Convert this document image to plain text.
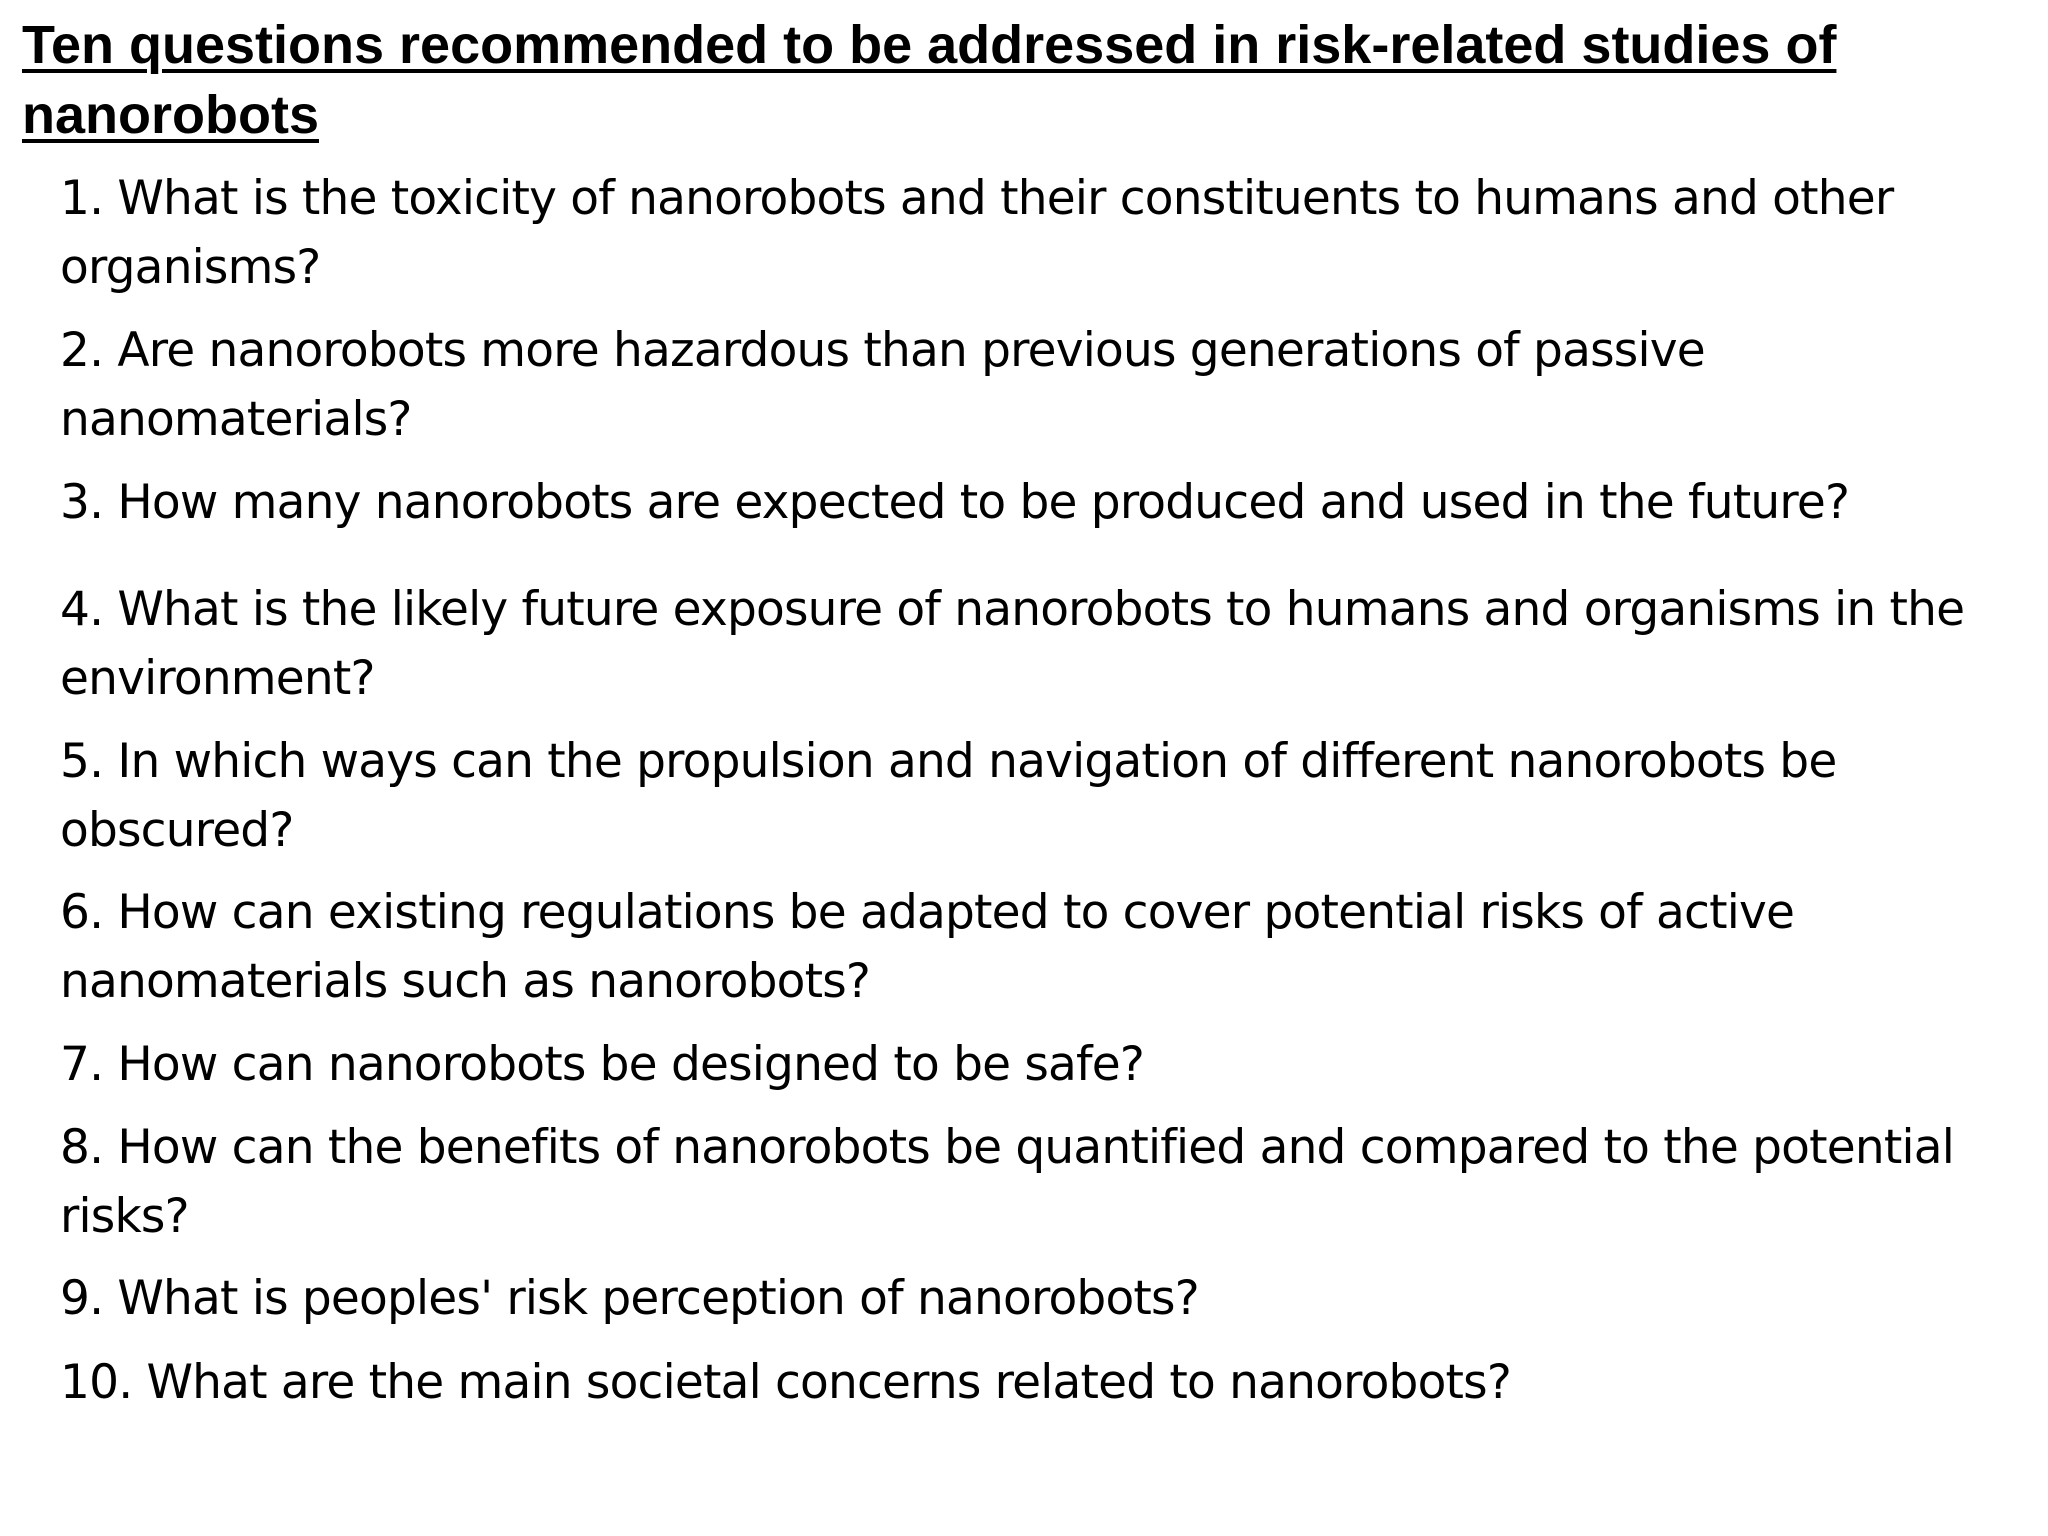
Ten questions recommended to be addressed in risk-related studies of
nanorobots
1. What is the toxicity of nanorobots and their constituents to humans and other
organisms?
2. Are nanorobots more hazardous than previous generations of passive
nanomaterials?
3. How many nanorobots are expected to be produced and used in the future?
4. What is the likely future exposure of nanorobots to humans and organisms in the
environment?
5. In which ways can the propulsion and navigation of different nanorobots be
obscured?
6. How can existing regulations be adapted to cover potential risks of active
nanomaterials such as nanorobots?
7. How can nanorobots be designed to be safe?
8. How can the benefits of nanorobots be quantified and compared to the potential
risks?
9. What is peoples' risk perception of nanorobots?
10. What are the main societal concerns related to nanorobots?
